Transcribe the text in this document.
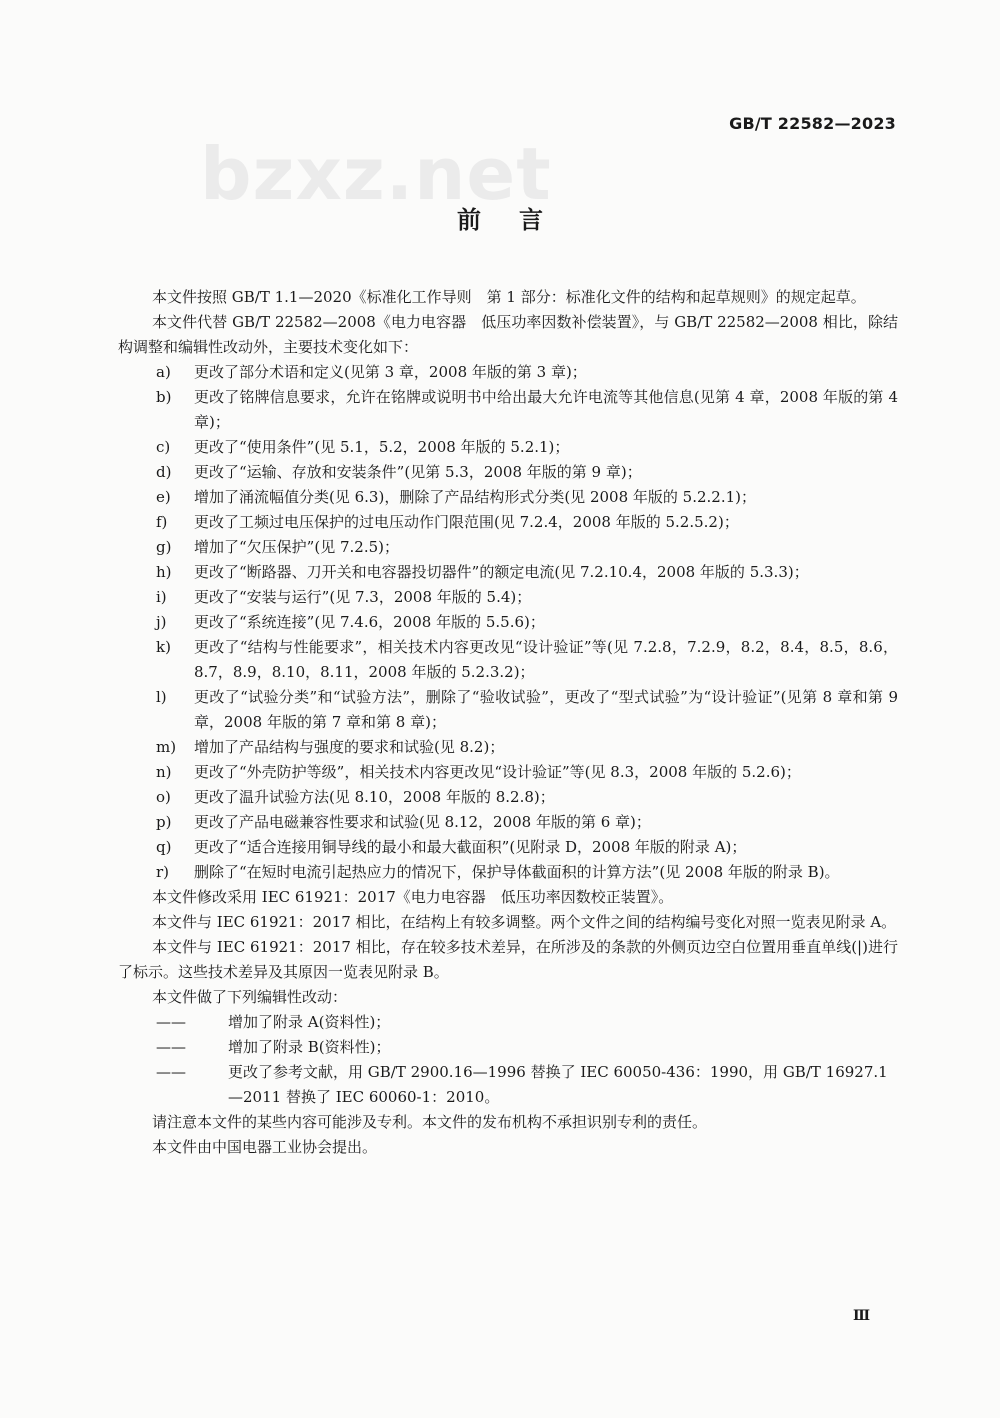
GB/T 22582—2023
bzxz.net
前言

本文件按照 GB/T 1.1—2020《标准化工作导则　第 1 部分：标准化文件的结构和起草规则》的规定起草。

本文件代替 GB/T 22582—2008《电力电容器　低压功率因数补偿装置》，与 GB/T 22582—2008 相比，除结构调整和编辑性改动外，主要技术变化如下：

a)	更改了部分术语和定义(见第 3 章，2008 年版的第 3 章)；
b)	更改了铭牌信息要求，允许在铭牌或说明书中给出最大允许电流等其他信息(见第 4 章，2008 年版的第 4 章)；
c)	更改了“使用条件”(见 5.1，5.2，2008 年版的 5.2.1)；
d)	更改了“运输、存放和安装条件”(见第 5.3，2008 年版的第 9 章)；
e)	增加了涌流幅值分类(见 6.3)，删除了产品结构形式分类(见 2008 年版的 5.2.2.1)；
f)	更改了工频过电压保护的过电压动作门限范围(见 7.2.4，2008 年版的 5.2.5.2)；
g)	增加了“欠压保护”(见 7.2.5)；
h)	更改了“断路器、刀开关和电容器投切器件”的额定电流(见 7.2.10.4，2008 年版的 5.3.3)；
i)	更改了“安装与运行”(见 7.3，2008 年版的 5.4)；
j)	更改了“系统连接”(见 7.4.6，2008 年版的 5.5.6)；
k)	更改了“结构与性能要求”，相关技术内容更改见“设计验证”等(见 7.2.8，7.2.9，8.2，8.4，8.5，8.6，8.7，8.9，8.10，8.11，2008 年版的 5.2.3.2)；
l)	更改了“试验分类”和“试验方法”，删除了“验收试验”，更改了“型式试验”为“设计验证”(见第 8 章和第 9 章，2008 年版的第 7 章和第 8 章)；
m)	增加了产品结构与强度的要求和试验(见 8.2)；
n)	更改了“外壳防护等级”，相关技术内容更改见“设计验证”等(见 8.3，2008 年版的 5.2.6)；
o)	更改了温升试验方法(见 8.10，2008 年版的 8.2.8)；
p)	更改了产品电磁兼容性要求和试验(见 8.12，2008 年版的第 6 章)；
q)	更改了“适合连接用铜导线的最小和最大截面积”(见附录 D，2008 年版的附录 A)；
r)	删除了“在短时电流引起热应力的情况下，保护导体截面积的计算方法”(见 2008 年版的附录 B)。

本文件修改采用 IEC 61921：2017《电力电容器　低压功率因数校正装置》。

本文件与 IEC 61921：2017 相比，在结构上有较多调整。两个文件之间的结构编号变化对照一览表见附录 A。

本文件与 IEC 61921：2017 相比，存在较多技术差异，在所涉及的条款的外侧页边空白位置用垂直单线(|)进行了标示。这些技术差异及其原因一览表见附录 B。

本文件做了下列编辑性改动：

——	增加了附录 A(资料性)；
——	增加了附录 B(资料性)；
——	更改了参考文献，用 GB/T 2900.16—1996 替换了 IEC 60050-436：1990，用 GB/T 16927.1—2011 替换了 IEC 60060-1：2010。

请注意本文件的某些内容可能涉及专利。本文件的发布机构不承担识别专利的责任。

本文件由中国电器工业协会提出。

Ⅲ
